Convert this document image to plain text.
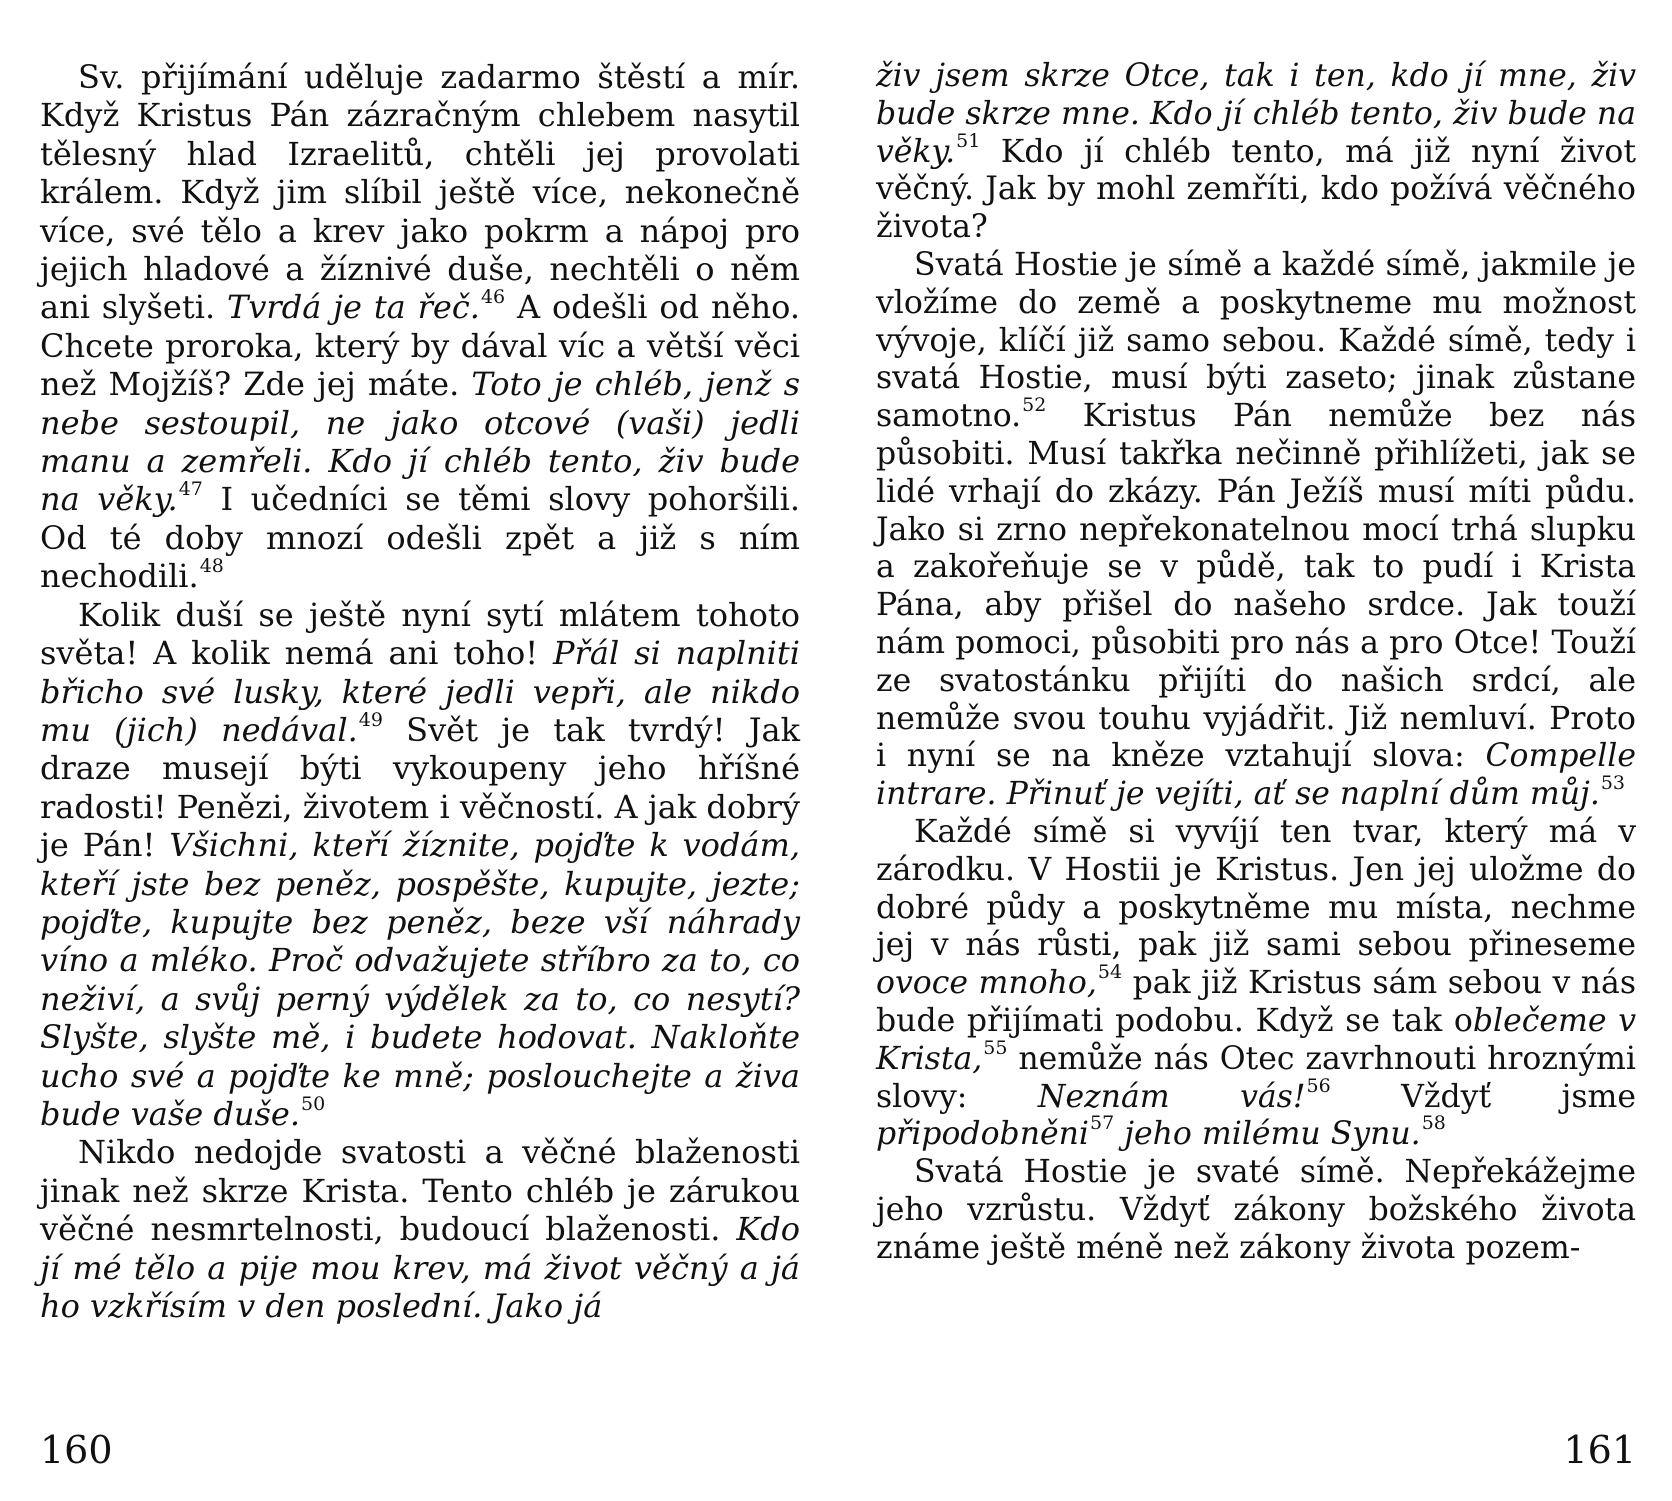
Sv. přijímání uděluje zadarmo štěstí a mír. Když Kristus Pán zázračným chlebem nasytil tělesný hlad Izraelitů, chtěli jej provolati králem. Když jim slíbil ještě více, nekonečně více, své tělo a krev jako pokrm a nápoj pro jejich hladové a žíznivé duše, nechtěli o něm ani slyšeti. Tvrdá je ta řeč.$^{46}$ A odešli od něho. Chcete proroka, který by dával víc a větší věci než Mojžíš? Zde jej máte. Toto je chléb, jenž s nebe sestoupil, ne jako otcové (vaši) jedli manu a zemřeli. Kdo jí chléb tento, živ bude na věky.$^{47}$ I učedníci se těmi slovy pohoršili. Od té doby mnozí odešli zpět a již s ním nechodili.$^{48}$

Kolik duší se ještě nyní sytí mlátem tohoto světa! A kolik nemá ani toho! Přál si naplniti břicho své lusky, které jedli vepři, ale nikdo mu (jich) nedával.$^{49}$ Svět je tak tvrdý! Jak draze musejí býti vykoupeny jeho hříšné radosti! Penězi, životem i věčností. A jak dobrý je Pán! Všichni, kteří žíznite, pojďte k vodám, kteří jste bez peněz, pospěšte, kupujte, jezte; pojďte, kupujte bez peněz, beze vší náhrady víno a mléko. Proč odvažujete stříbro za to, co neživí, a svůj perný výdělek za to, co nesytí? Slyšte, slyšte mě, i budete hodovat. Nakloňte ucho své a pojďte ke mně; poslouchejte a živa bude vaše duše.$^{50}$

Nikdo nedojde svatosti a věčné blaženosti jinak než skrze Krista. Tento chléb je zárukou věčné nesmrtelnosti, budoucí blaženosti. Kdo jí mé tělo a pije mou krev, má život věčný a já ho vzkřísím v den poslední. Jako já

160

živ jsem skrze Otce, tak i ten, kdo jí mne, živ bude skrze mne. Kdo jí chléb tento, živ bude na věky.$^{51}$ Kdo jí chléb tento, má již nyní život věčný. Jak by mohl zemříti, kdo požívá věčného života?

Svatá Hostie je símě a každé símě, jakmile je vložíme do země a poskytneme mu možnost vývoje, klíčí již samo sebou. Každé símě, tedy i svatá Hostie, musí býti zaseto; jinak zůstane samotno.$^{52}$ Kristus Pán nemůže bez nás působiti. Musí takřka nečinně přihlížeti, jak se lidé vrhají do zkázy. Pán Ježíš musí míti půdu. Jako si zrno nepřekonatelnou mocí trhá slupku a zakořeňuje se v půdě, tak to pudí i Krista Pána, aby přišel do našeho srdce. Jak touží nám pomoci, působiti pro nás a pro Otce! Touží ze svatostánku přijíti do našich srdcí, ale nemůže svou touhu vyjádřit. Již nemluví. Proto i nyní se na kněze vztahují slova: Compelle intrare. Přinuť je vejíti, ať se naplní dům můj.$^{53}$

Každé símě si vyvíjí ten tvar, který má v zárodku. V Hostii je Kristus. Jen jej uložme do dobré půdy a poskytněme mu místa, nechme jej v nás růsti, pak již sami sebou přineseme ovoce mnoho,$^{54}$ pak již Kristus sám sebou v nás bude přijímati podobu. Když se tak oblečeme v Krista,$^{55}$ nemůže nás Otec zavrhnouti hroznými slovy: Neznám vás!$^{56}$ Vždyť jsme připodobněni$^{57}$ jeho milému Synu.$^{58}$

Svatá Hostie je svaté símě. Nepřekážejme jeho vzrůstu. Vždyť zákony božského života známe ještě méně než zákony života pozem-

161
